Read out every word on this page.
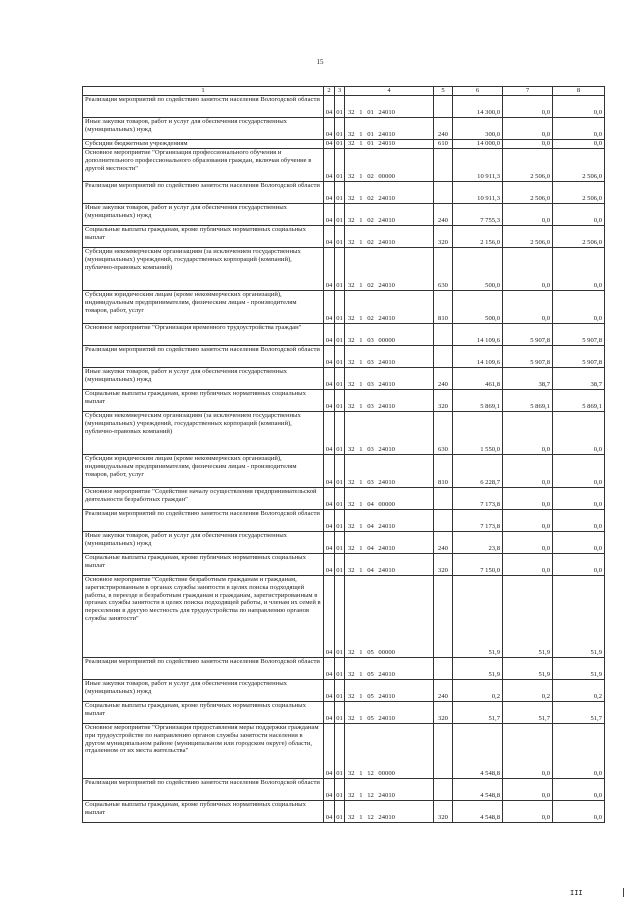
15
1	2	3	4	5	6	7	8
Реализация мероприятий по содействию занятости населения Вологодской области	04	01	32 1 01 24010		14 300,0	0,0	0,0
Иные закупки товаров, работ и услуг для обеспечения государственных (муниципальных) нужд	04	01	32 1 01 24010	240	300,0	0,0	0,0
Субсидии бюджетным учреждениям	04	01	32 1 01 24010	610	14 000,0	0,0	0,0
Основное мероприятие "Организация профессионального обучения и дополнительного профессионального образования граждан, включая обучение в другой местности"	04	01	32 1 02 00000		10 911,3	2 506,0	2 506,0
Реализация мероприятий по содействию занятости населения Вологодской области	04	01	32 1 02 24010		10 911,3	2 506,0	2 506,0
Иные закупки товаров, работ и услуг для обеспечения государственных (муниципальных) нужд	04	01	32 1 02 24010	240	7 755,3	0,0	0,0
Социальные выплаты гражданам, кроме публичных нормативных социальных выплат	04	01	32 1 02 24010	320	2 156,0	2 506,0	2 506,0
Субсидии некоммерческим организациям (за исключением государственных (муниципальных) учреждений, государственных корпораций (компаний), публично-правовых компаний)	04	01	32 1 02 24010	630	500,0	0,0	0,0
Субсидии юридическим лицам (кроме некоммерческих организаций), индивидуальным предпринимателям, физическим лицам - производителям товаров, работ, услуг	04	01	32 1 02 24010	810	500,0	0,0	0,0
Основное мероприятие "Организация временного трудоустройства граждан"	04	01	32 1 03 00000		14 109,6	5 907,8	5 907,8
Реализация мероприятий по содействию занятости населения Вологодской области	04	01	32 1 03 24010		14 109,6	5 907,8	5 907,8
Иные закупки товаров, работ и услуг для обеспечения государственных (муниципальных) нужд	04	01	32 1 03 24010	240	461,8	38,7	38,7
Социальные выплаты гражданам, кроме публичных нормативных социальных выплат	04	01	32 1 03 24010	320	5 869,1	5 869,1	5 869,1
Субсидии некоммерческим организациям (за исключением государственных (муниципальных) учреждений, государственных корпораций (компаний), публично-правовых компаний)	04	01	32 1 03 24010	630	1 550,0	0,0	0,0
Субсидии юридическим лицам (кроме некоммерческих организаций), индивидуальным предпринимателям, физическим лицам - производителям товаров, работ, услуг	04	01	32 1 03 24010	810	6 228,7	0,0	0,0
Основное мероприятие "Содействие началу осуществления предпринимательской деятельности безработных граждан"	04	01	32 1 04 00000		7 173,8	0,0	0,0
Реализация мероприятий по содействию занятости населения Вологодской области	04	01	32 1 04 24010		7 173,8	0,0	0,0
Иные закупки товаров, работ и услуг для обеспечения государственных (муниципальных) нужд	04	01	32 1 04 24010	240	23,8	0,0	0,0
Социальные выплаты гражданам, кроме публичных нормативных социальных выплат	04	01	32 1 04 24010	320	7 150,0	0,0	0,0
Основное мероприятие "Содействие безработным гражданам и гражданам, зарегистрированным в органах службы занятости в целях поиска подходящей работы, в переезде и безработным гражданам и гражданам, зарегистрированным в органах службы занятости в целях поиска подходящей работы, и членам их семей в переселении в другую местность для трудоустройства по направлению органов службы занятости"	04	01	32 1 05 00000		51,9	51,9	51,9
Реализация мероприятий по содействию занятости населения Вологодской области	04	01	32 1 05 24010		51,9	51,9	51,9
Иные закупки товаров, работ и услуг для обеспечения государственных (муниципальных) нужд	04	01	32 1 05 24010	240	0,2	0,2	0,2
Социальные выплаты гражданам, кроме публичных нормативных социальных выплат	04	01	32 1 05 24010	320	51,7	51,7	51,7
Основное мероприятие "Организация предоставления меры поддержки гражданам при трудоустройстве по направлению органов службы занятости населения в другом муниципальном районе (муниципальном или городском округе) области, отдаленном от их места жительства"	04	01	32 1 12 00000		4 548,8	0,0	0,0
Реализация мероприятий по содействию занятости населения Вологодской области	04	01	32 1 12 24010		4 548,8	0,0	0,0
Социальные выплаты гражданам, кроме публичных нормативных социальных выплат	04	01	32 1 12 24010	320	4 548,8	0,0	0,0
III
